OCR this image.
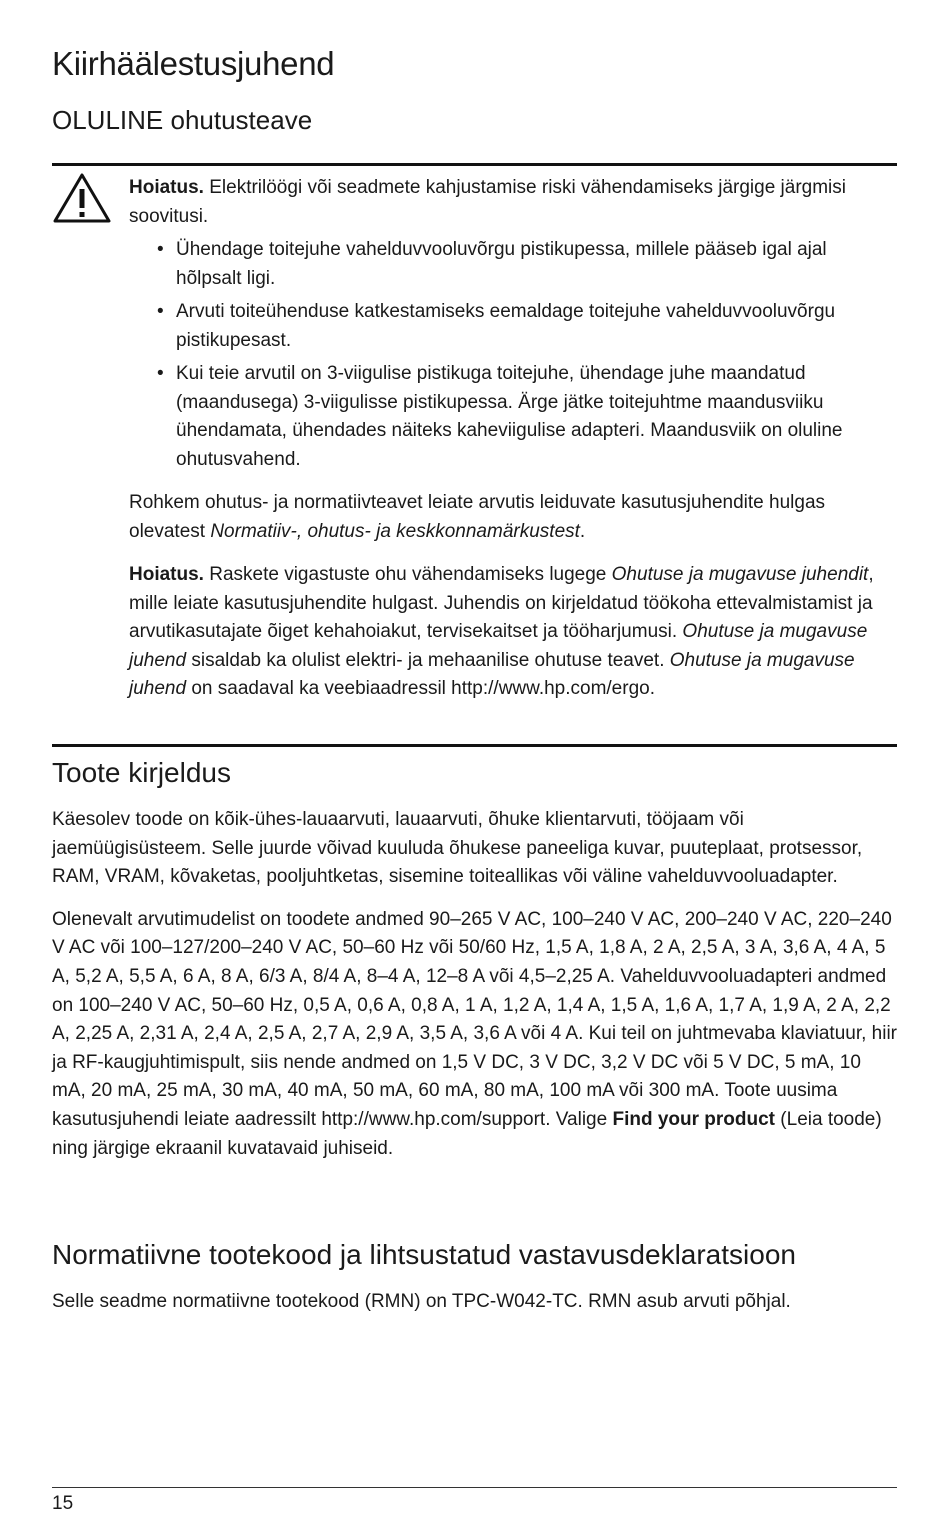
Kiirhäälestusjuhend
OLULINE ohutusteave

Hoiatus. Elektrilöögi või seadmete kahjustamise riski vähendamiseks järgige järgmisi soovitusi.

• Ühendage toitejuhe vahelduvvooluvõrgu pistikupessa, millele pääseb igal ajal hõlpsalt ligi.
• Arvuti toiteühenduse katkestamiseks eemaldage toitejuhe vahelduvvooluvõrgu pistikupesast.
• Kui teie arvutil on 3-viigulise pistikuga toitejuhe, ühendage juhe maandatud (maandusega) 3-viigulisse pistikupessa. Ärge jätke toitejuhtme maandusviiku ühendamata, ühendades näiteks kaheviigulise adapteri. Maandusviik on oluline ohutusvahend.

Rohkem ohutus- ja normatiivteavet leiate arvutis leiduvate kasutusjuhendite hulgas olevatest Normatiiv-, ohutus- ja keskkonnamärkustest.

Hoiatus. Raskete vigastuste ohu vähendamiseks lugege Ohutuse ja mugavuse juhendit, mille leiate kasutusjuhendite hulgast. Juhendis on kirjeldatud töökoha ettevalmistamist ja arvutikasutajate õiget kehahoiakut, tervisekaitset ja tööharjumusi. Ohutuse ja mugavuse juhend sisaldab ka olulist elektri- ja mehaanilise ohutuse teavet. Ohutuse ja mugavuse juhend on saadaval ka veebiaadressil http://www.hp.com/ergo.

Toote kirjeldus

Käesolev toode on kõik-ühes-lauaarvuti, lauaarvuti, õhuke klientarvuti, tööjaam või jaemüügisüsteem. Selle juurde võivad kuuluda õhukese paneeliga kuvar, puuteplaat, protsessor, RAM, VRAM, kõvaketas, pooljuhtketas, sisemine toiteallikas või väline vahelduvvooluadapter.

Olenevalt arvutimudelist on toodete andmed 90–265 V AC, 100–240 V AC, 200–240 V AC, 220–240 V AC või 100–127/200–240 V AC, 50–60 Hz või 50/60 Hz, 1,5 A, 1,8 A, 2 A, 2,5 A, 3 A, 3,6 A, 4 A, 5 A, 5,2 A, 5,5 A, 6 A, 8 A, 6/3 A, 8/4 A, 8–4 A, 12–8 A või 4,5–2,25 A. Vahelduvvooluadapteri andmed on 100–240 V AC, 50–60 Hz, 0,5 A, 0,6 A, 0,8 A, 1 A, 1,2 A, 1,4 A, 1,5 A, 1,6 A, 1,7 A, 1,9 A, 2 A, 2,2 A, 2,25 A, 2,31 A, 2,4 A, 2,5 A, 2,7 A, 2,9 A, 3,5 A, 3,6 A või 4 A. Kui teil on juhtmevaba klaviatuur, hiir ja RF-kaugjuhtimispult, siis nende andmed on 1,5 V DC, 3 V DC, 3,2 V DC või 5 V DC, 5 mA, 10 mA, 20 mA, 25 mA, 30 mA, 40 mA, 50 mA, 60 mA, 80 mA, 100 mA või 300 mA. Toote uusima kasutusjuhendi leiate aadressilt http://www.hp.com/support. Valige Find your product (Leia toode) ning järgige ekraanil kuvatavaid juhiseid.

Normatiivne tootekood ja lihtsustatud vastavusdeklaratsioon

Selle seadme normatiivne tootekood (RMN) on TPC-W042-TC. RMN asub arvuti põhjal.

15
